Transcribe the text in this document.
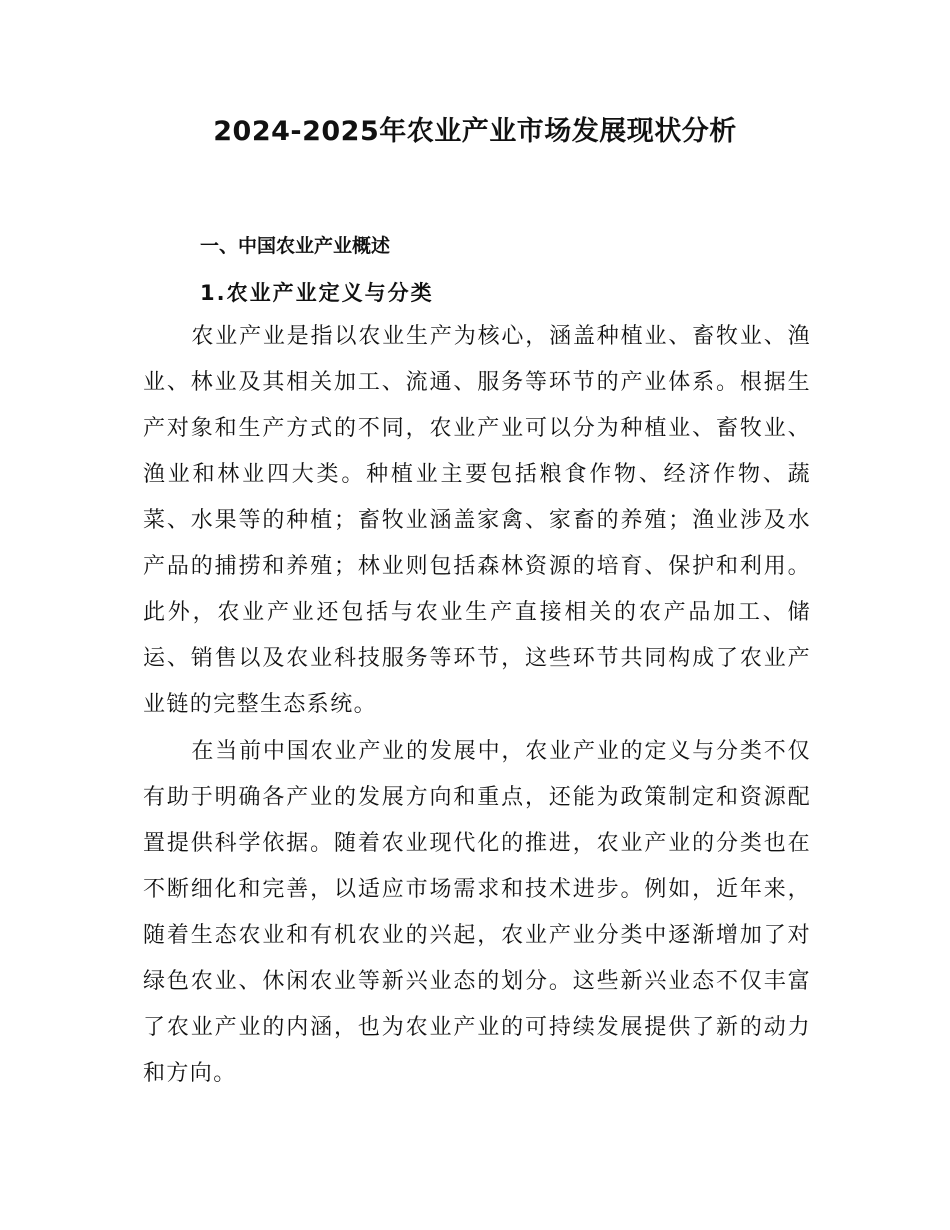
2024-2025年农业产业市场发展现状分析
一、中国农业产业概述
1.农业产业定义与分类

农业产业是指以农业生产为核心，涵盖种植业、畜牧业、渔业、林业及其相关加工、流通、服务等环节的产业体系。根据生产对象和生产方式的不同，农业产业可以分为种植业、畜牧业、渔业和林业四大类。种植业主要包括粮食作物、经济作物、蔬菜、水果等的种植；畜牧业涵盖家禽、家畜的养殖；渔业涉及水产品的捕捞和养殖；林业则包括森林资源的培育、保护和利用。此外，农业产业还包括与农业生产直接相关的农产品加工、储运、销售以及农业科技服务等环节，这些环节共同构成了农业产业链的完整生态系统。

在当前中国农业产业的发展中，农业产业的定义与分类不仅有助于明确各产业的发展方向和重点，还能为政策制定和资源配置提供科学依据。随着农业现代化的推进，农业产业的分类也在不断细化和完善，以适应市场需求和技术进步。例如，近年来，随着生态农业和有机农业的兴起，农业产业分类中逐渐增加了对绿色农业、休闲农业等新兴业态的划分。这些新兴业态不仅丰富了农业产业的内涵，也为农业产业的可持续发展提供了新的动力和方向。
